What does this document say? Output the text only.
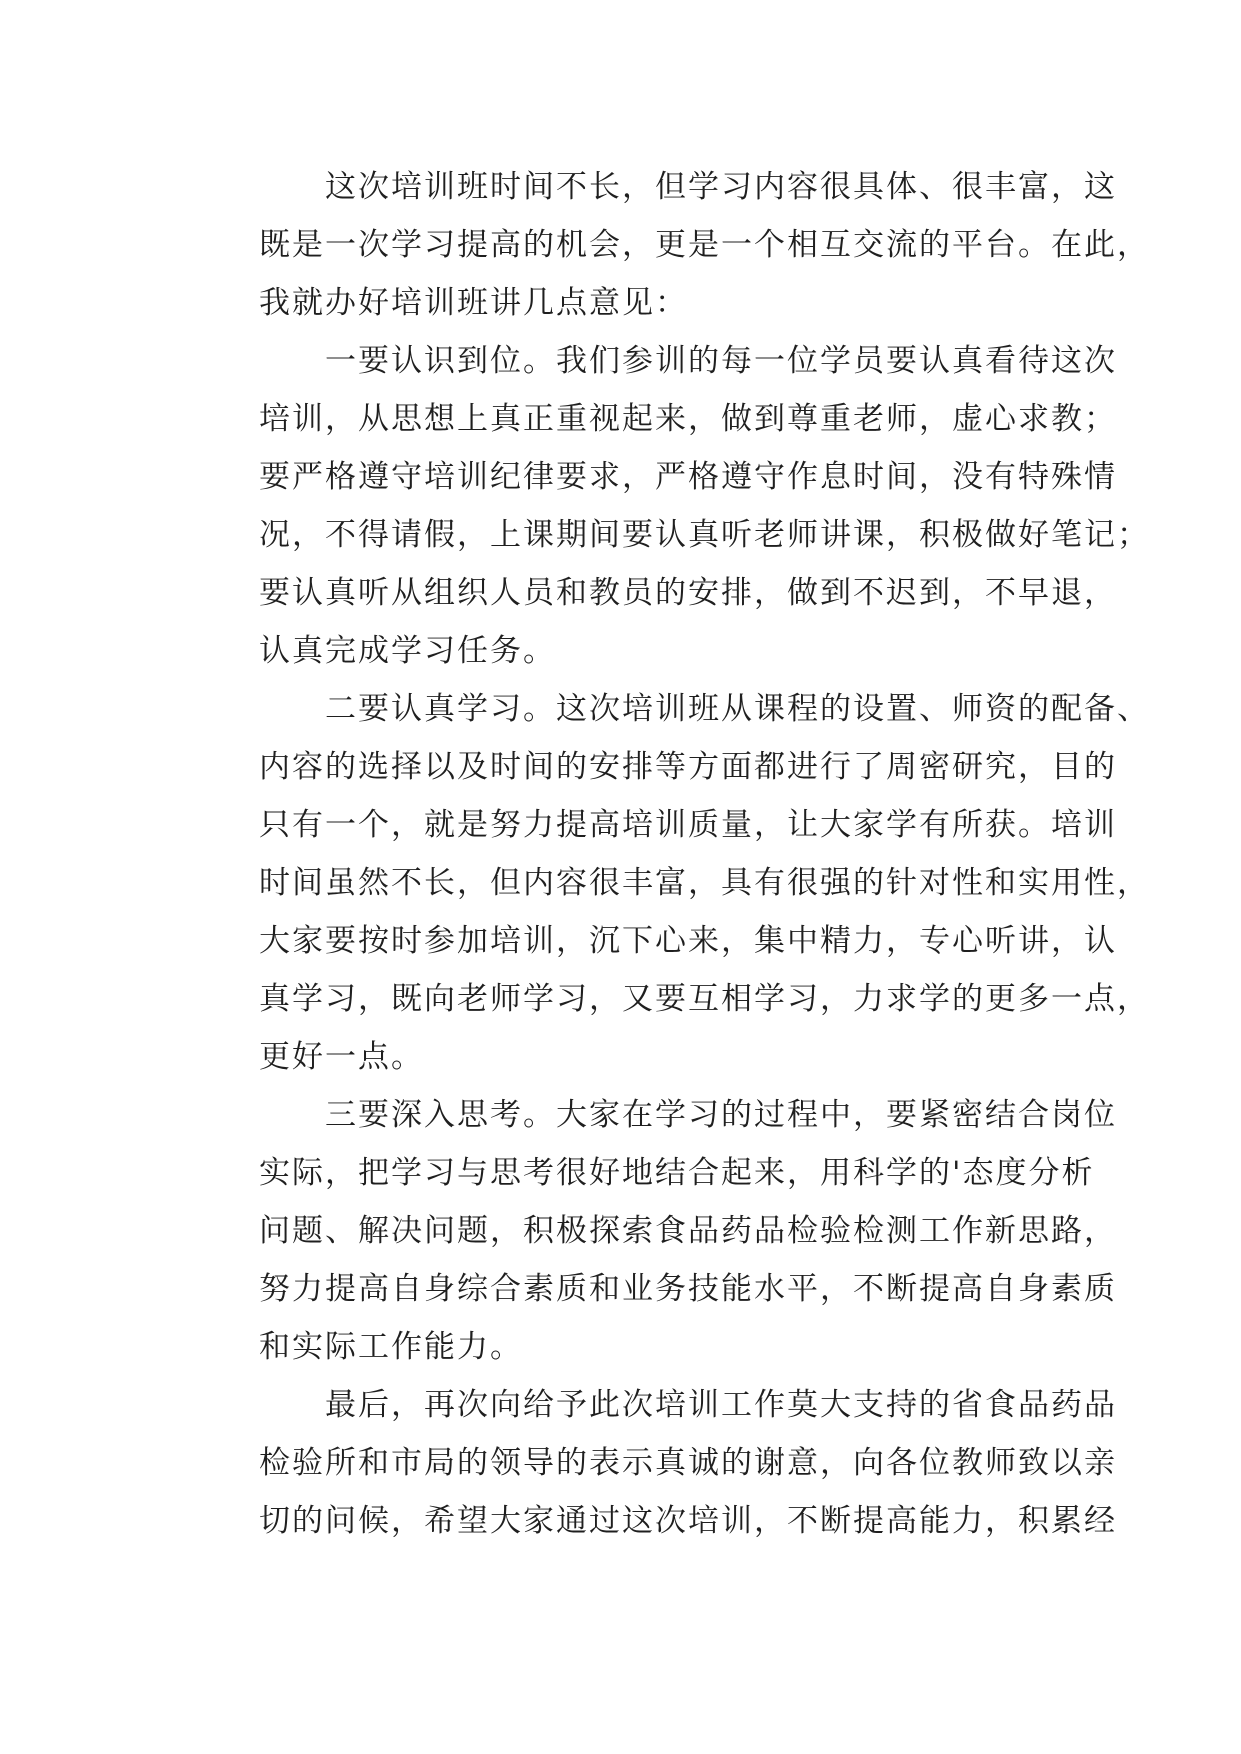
这次培训班时间不长，但学习内容很具体、很丰富，这
既是一次学习提高的机会，更是一个相互交流的平台。在此，
我就办好培训班讲几点意见：
一要认识到位。我们参训的每一位学员要认真看待这次
培训，从思想上真正重视起来，做到尊重老师，虚心求教；
要严格遵守培训纪律要求，严格遵守作息时间，没有特殊情
况，不得请假，上课期间要认真听老师讲课，积极做好笔记；
要认真听从组织人员和教员的安排，做到不迟到，不早退，
认真完成学习任务。
二要认真学习。这次培训班从课程的设置、师资的配备、
内容的选择以及时间的安排等方面都进行了周密研究，目的
只有一个，就是努力提高培训质量，让大家学有所获。培训
时间虽然不长，但内容很丰富，具有很强的针对性和实用性，
大家要按时参加培训，沉下心来，集中精力，专心听讲，认
真学习，既向老师学习，又要互相学习，力求学的更多一点，
更好一点。
三要深入思考。大家在学习的过程中，要紧密结合岗位
实际，把学习与思考很好地结合起来，用科学的'态度分析
问题、解决问题，积极探索食品药品检验检测工作新思路，
努力提高自身综合素质和业务技能水平，不断提高自身素质
和实际工作能力。
最后，再次向给予此次培训工作莫大支持的省食品药品
检验所和市局的领导的表示真诚的谢意，向各位教师致以亲
切的问候，希望大家通过这次培训，不断提高能力，积累经
